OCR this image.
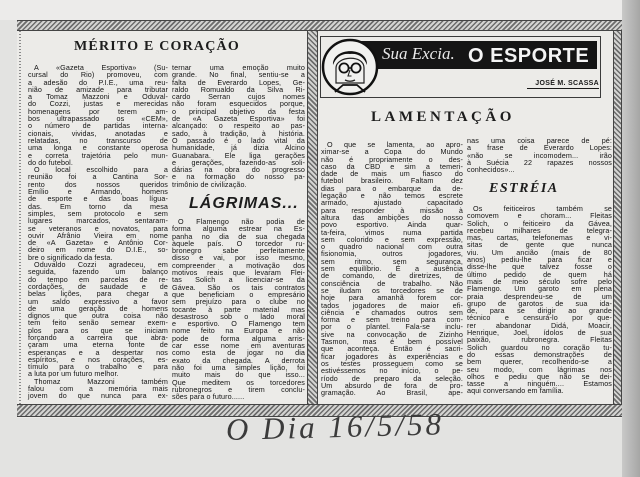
MÉRITO E CORAÇÃO
A «Gazeta Esportiva» (Su-
cursal do Rio) promoveu, com
a adesão do P.I.E., uma reu-
nião de amizade para tributar
a Tomaz Mazzoni e Oduval-
do Cozzi, justas e merecidas
homenagens por terem am-
bos ultrapassado os «CEM»,
o número de partidas interna-
cionais, vividas, anotadas e
relatadas, no transcurso de
uma longa e constante operosa
e correta trajetória pelo mun-
do do futebol.
O local escolhido para a
reunião foi a Cantina Sor-
rento dos nossos queridos
Emílio e Armando, homens
de esporte e das boas lígua-
das. Em torno da mesa
simples, sem protocolo e sem
lugares marcados, sentaram-
se veteranos e novatos, para
ouvir Afrânio Vieira em nome
de «A Gazeta» e Antônio Cor-
deiro em nome do D.I.E., so-
bre o significado da festa.
Oduvaldo Cozzi agradeceu, em
seguida, fazendo um balanço
do tempo em parcelas de re-
cordações, de saudade e de
belas lições, para chegar a
um saldo expressivo a favor
de uma geração de homens
dignos que outra coisa não
tem feito senão semear exem-
plos para os que se iniciam
forçando a carreira que abra-
çaram uma eterna fonte de
esperanças e a despertar nos
espíritos, e nos corações, es-
tímulo para o trabalho e para
a luta por um futuro melhor.
Thomaz Mazzoni também
falou com a memória mais
jovem do que nunca para ex-
ternar uma emoção muito
grande. No final, sentiu-se a
falta de Everardo Lopes, Ge-
raldo Romualdo da Silva Ri-
cardo Serran cujos nomes
não foram esquecidos porque,
o principal objetivo da festa
de «A Gazeta Esportiva» foi
alcançado: o respeito ao pas-
sado, à tradição, à história.
O passado é o lado vital da
humanidade, já dizia Alcino
Guanabara. Ele liga gerações
e gerações, fazendo-as soli-
dárias na obra do progresso
e na formação do nosso pa-
trimônio de civilização.
LÁGRIMAS...
O Flamengo não podia de
forma alguma estrear na Es-
panha no dia de sua chegada
àquele país. O torcedor ru-
bronegro sabe perfeitamente
disso e vai, por isso mesmo,
compreender a motivação dos
motivos reais que levaram Flei-
tas Solich a licenciar-se da
Gávea. São os tais contratos
que beneficiam o empresário
sem prejuízo para o clube no
tocante à parte material mas
desastroso sob o lado moral
e esportivo. O Flamengo tem
nome feito na Europa e não
pode de forma alguma arris-
car esse nome em aventuras
como esta de jogar no dia
exato da chegada. A derrota
não foi uma simples lição, foi
muito mais do que isso...
Que meditem os torcedores
rubronegros e tirem conclu-
sões para o futuro......
Sua Excia. O ESPORTE
JOSÉ M. SCASSA
LAMENTAÇÃO
O que se lamenta, ao apro-
ximar-se a Copa do Mundo
não é propriamente o des-
caso da CBD e sim a temeri-
dade de mais um fiasco do
futebol brasileiro. Faltam dez
dias para o embarque da de-
legação e não temos escrete
armado, ajustado capacitado
para responder à missão à
altura das ambições do nosso
povo esportivo. Ainda quar-
ta-feira, vimos numa partida
sem colorido e sem expressão,
o quadro nacional com outra
fisionomia, outros jogadores,
sem ritmo, sem segurança,
sem equilíbrio. É a ausência
de comando, de diretrizes, de
consciência de trabalho. Não
se iludam os torcedores se de
hoje para amanhã forem cor-
tados jogadores de maior efi-
ciência e chamados outros sem
forma e sem treino para com-
por o plantel. Fala-se inclu-
sive na convocação de Zizinho
Tasmon, mas é bem possível
que aconteça. Então é sacri-
ficar jogadores às experiências e
os testes prosseguem como se
estivéssemos no início, o pe-
ríodo de preparo da seleção.
Um absurdo de fora de pro-
gramação. Ao Brasil, ape-
nas uma coisa parece de pé:
a frase de Everardo Lopes:
«não se incomodem... irão
à Suécia 22 rapazes nossos
conhecidos»...
ESTRÉIA
Os feiticeiros também se
comovem e choram... Fleitas
Solich, o feiticeiro da Gávea,
recebeu milhares de telegra-
mas, cartas, telefonemas e vi-
sitas de gente que nunca
viu. Um ancião (mais de 80
anos) pediu-lhe para ficar e
disse-lhe que talvez fosse o
último pedido de quem há
mais de meio século sofre pelo
Flamengo. Um garoto em plena
praia desprendeu-se de um
grupo de garotos de sua ida-
de, para se dirigir ao grande
técnico e censurá-lo por que-
rer abandonar Didá, Moacir,
Henrique, Joel, ídolos de sua
paixão, rubronegra. Fleitas
Solich guardou no coração tu-
do essas demonstrações de
bem querer, recolhendo-se a
seu modo, com lágrimas nos
olhos e pediu que não se dei-
tasse a ninguém.... Estamos
aqui conversando em família.
O Dia 16/5/58
